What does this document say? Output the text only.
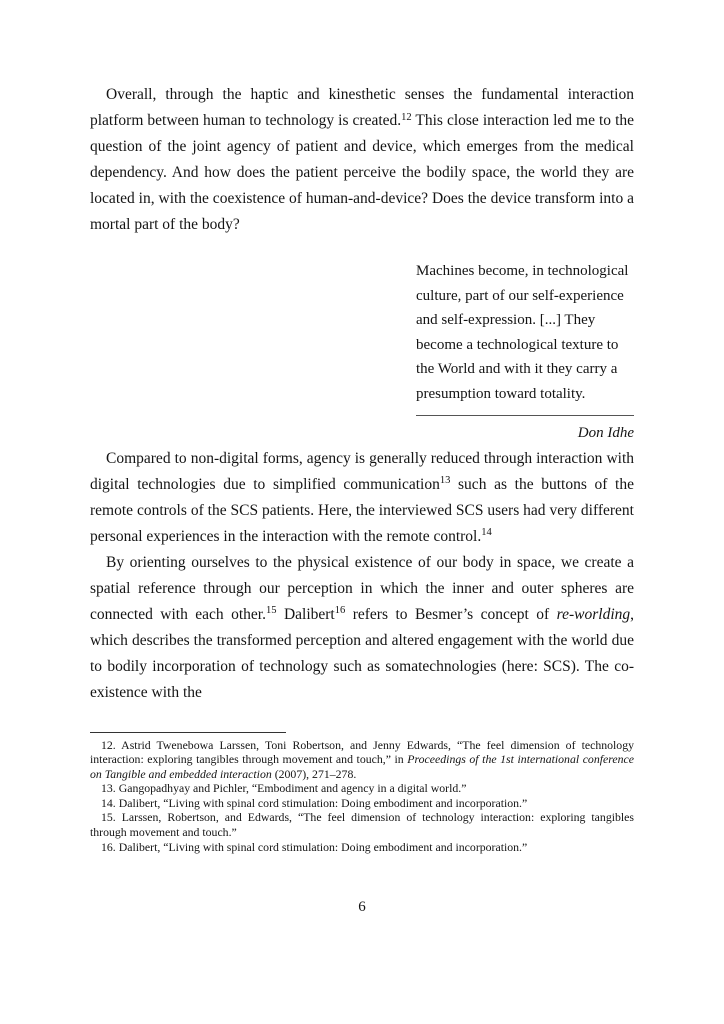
Overall, through the haptic and kinesthetic senses the fundamental interaction platform between human to technology is created.$^{12}$ This close interaction led me to the question of the joint agency of patient and device, which emerges from the medical dependency. And how does the patient perceive the bodily space, the world they are located in, with the coexistence of human-and-device? Does the device transform into a mortal part of the body?

Machines become, in technological culture, part of our self-experience and self-expression. [...] They become a technological texture to the World and with it they carry a presumption toward totality.

Don Idhe

Compared to non-digital forms, agency is generally reduced through interaction with digital technologies due to simplified communication$^{13}$ such as the buttons of the remote controls of the SCS patients. Here, the interviewed SCS users had very different personal experiences in the interaction with the remote control.$^{14}$

By orienting ourselves to the physical existence of our body in space, we create a spatial reference through our perception in which the inner and outer spheres are connected with each other.$^{15}$ Dalibert$^{16}$ refers to Besmer’s concept of re-worlding, which describes the transformed perception and altered engagement with the world due to bodily incorporation of technology such as somatechnologies (here: SCS). The co-existence with the

12. Astrid Twenebowa Larssen, Toni Robertson, and Jenny Edwards, “The feel dimension of technology interaction: exploring tangibles through movement and touch,” in Proceedings of the 1st international conference on Tangible and embedded interaction (2007), 271–278.

13. Gangopadhyay and Pichler, “Embodiment and agency in a digital world.”

14. Dalibert, “Living with spinal cord stimulation: Doing embodiment and incorporation.”

15. Larssen, Robertson, and Edwards, “The feel dimension of technology interaction: exploring tangibles through movement and touch.”

16. Dalibert, “Living with spinal cord stimulation: Doing embodiment and incorporation.”

6
